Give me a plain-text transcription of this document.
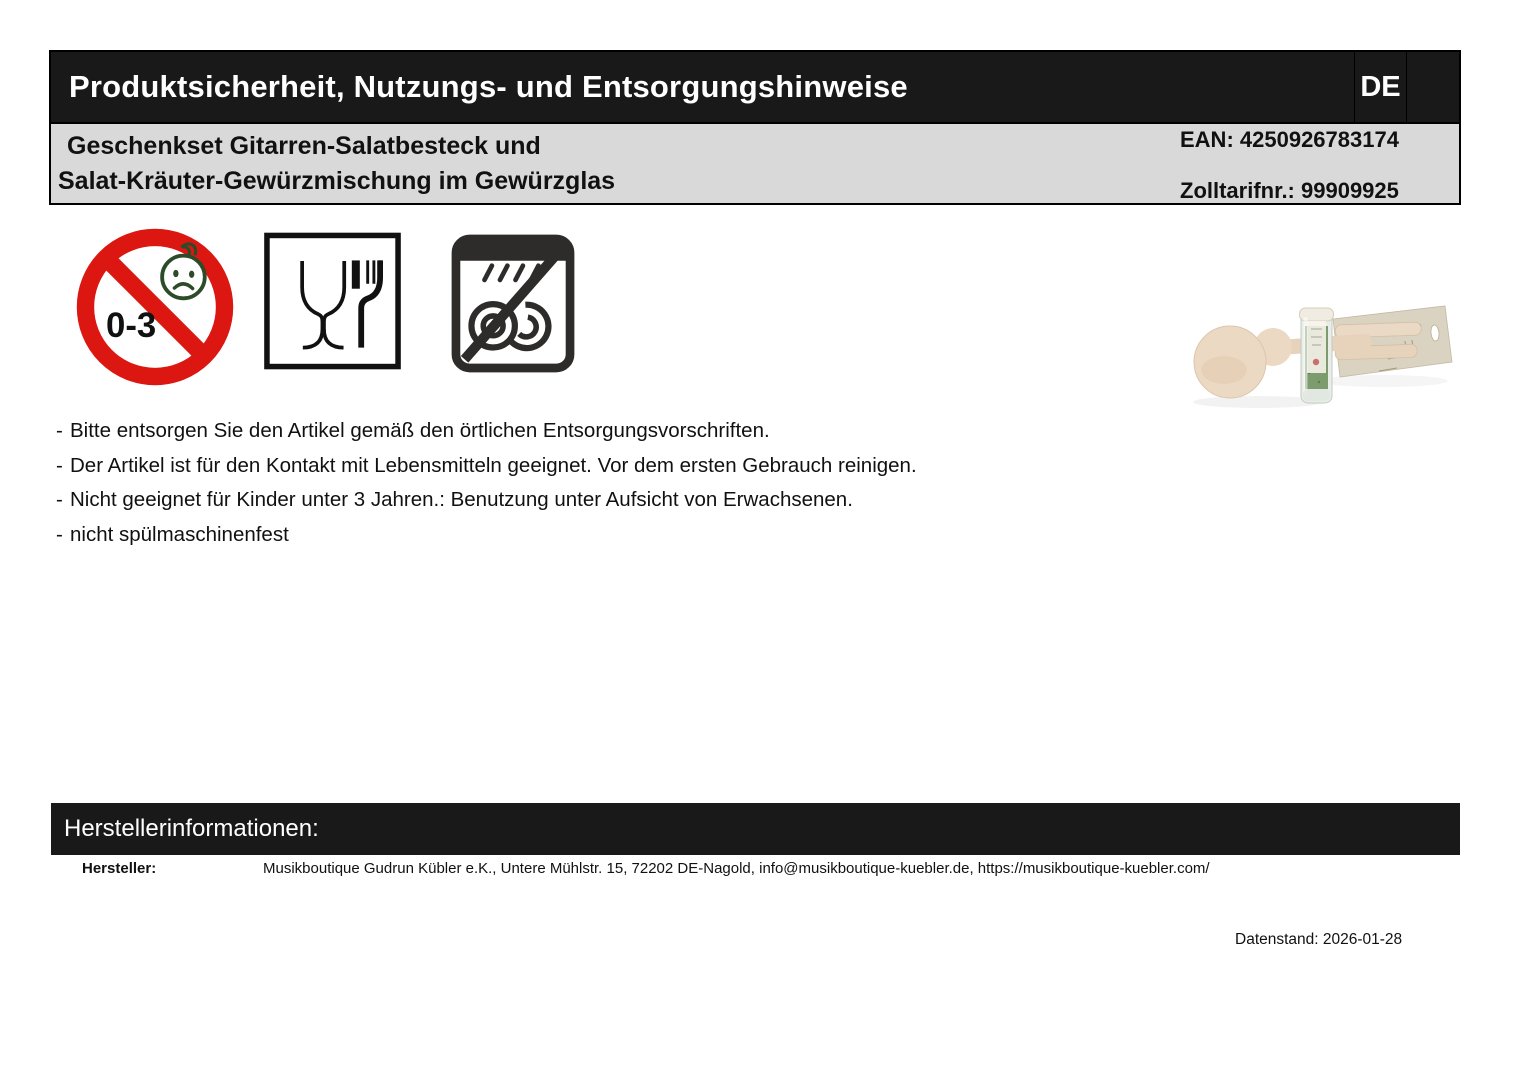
Produktsicherheit, Nutzungs- und Entsorgungshinweise	DE
Geschenkset Gitarren-Salatbesteck und
Salat-Kräuter-Gewürzmischung im Gewürzglas
EAN: 4250926783174
Zolltarifnr.: 99909925
0-3
- Bitte entsorgen Sie den Artikel gemäß den örtlichen Entsorgungsvorschriften.
- Der Artikel ist für den Kontakt mit Lebensmitteln geeignet. Vor dem ersten Gebrauch reinigen.
- Nicht geeignet für Kinder unter 3 Jahren.: Benutzung unter Aufsicht von Erwachsenen.
- nicht spülmaschinenfest
Herstellerinformationen:
Hersteller:	Musikboutique Gudrun Kübler e.K., Untere Mühlstr. 15, 72202 DE-Nagold, info@musikboutique-kuebler.de, https://musikboutique-kuebler.com/
Datenstand: 2026-01-28
